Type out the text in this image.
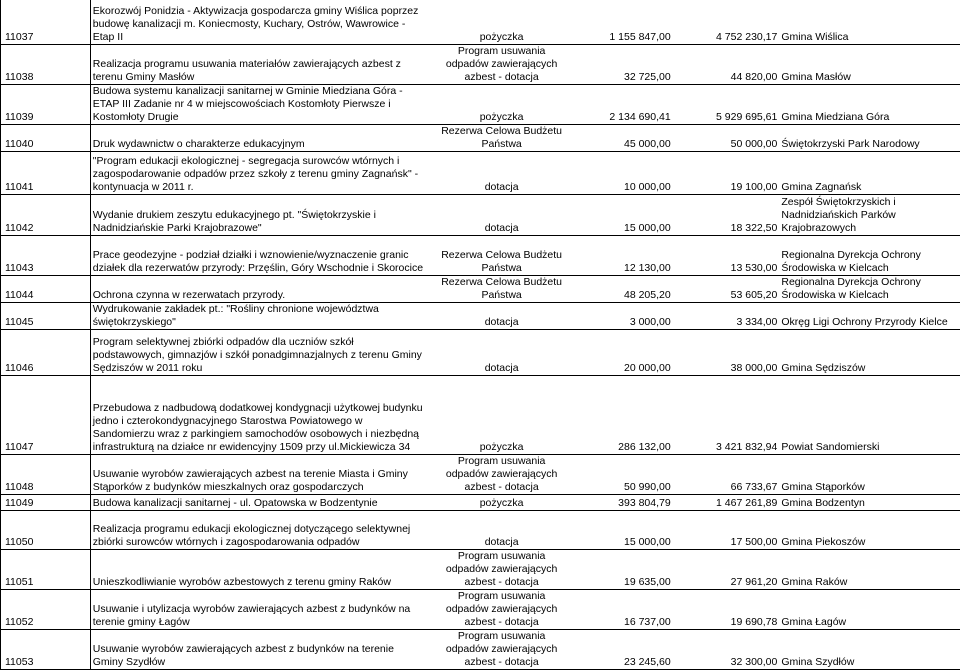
11037	Ekorozwój Ponidzia - Aktywizacja gospodarcza gminy Wiślica poprzez
budowę kanalizacji m. Koniecmosty, Kuchary, Ostrów, Wawrowice -
Etap II	pożyczka	1 155 847,00	4 752 230,17	Gmina Wiślica
11038	Realizacja programu usuwania materiałów zawierających azbest z
terenu Gminy Masłów	Program usuwania
odpadów zawierających
azbest - dotacja	32 725,00	44 820,00	Gmina Masłów
11039	Budowa systemu kanalizacji sanitarnej w Gminie Miedziana Góra -
ETAP III Zadanie nr 4 w miejscowościach Kostomłoty Pierwsze i
Kostomłoty Drugie	pożyczka	2 134 690,41	5 929 695,61	Gmina Miedziana Góra
11040	Druk wydawnictw o charakterze edukacyjnym	Rezerwa Celowa Budżetu
Państwa	45 000,00	50 000,00	Świętokrzyski Park Narodowy
11041	"Program edukacji ekologicznej - segregacja surowców wtórnych i
zagospodarowanie odpadów przez szkoły z terenu gminy Zagnańsk" -
kontynuacja w 2011 r.	dotacja	10 000,00	19 100,00	Gmina Zagnańsk
11042	Wydanie drukiem zeszytu edukacyjnego pt. "Świętokrzyskie i
Nadnidziańskie Parki Krajobrazowe"	dotacja	15 000,00	18 322,50	Zespół Świętokrzyskich i
Nadnidziańskich Parków
Krajobrazowych
11043	Prace geodezyjne - podział działki i wznowienie/wyznaczenie granic
działek dla rezerwatów przyrody: Przęślin, Góry Wschodnie i Skorocice	Rezerwa Celowa Budżetu
Państwa	12 130,00	13 530,00	Regionalna Dyrekcja Ochrony
Środowiska w Kielcach
11044	Ochrona czynna w rezerwatach przyrody.	Rezerwa Celowa Budżetu
Państwa	48 205,20	53 605,20	Regionalna Dyrekcja Ochrony
Środowiska w Kielcach
11045	Wydrukowanie zakładek pt.: "Rośliny chronione województwa
świętokrzyskiego"	dotacja	3 000,00	3 334,00	Okręg Ligi Ochrony Przyrody Kielce
11046	Program selektywnej zbiórki odpadów dla uczniów szkół
podstawowych, gimnazjów i szkół ponadgimnazjalnych z terenu Gminy
Sędziszów w 2011 roku	dotacja	20 000,00	38 000,00	Gmina Sędziszów
11047	Przebudowa z nadbudową dodatkowej kondygnacji użytkowej budynku
jedno i czterokondygnacyjnego Starostwa Powiatowego w
Sandomierzu wraz z parkingiem samochodów osobowych i niezbędną
infrastrukturą na działce nr ewidencyjny 1509 przy ul.Mickiewicza 34	pożyczka	286 132,00	3 421 832,94	Powiat Sandomierski
11048	Usuwanie wyrobów zawierających azbest na terenie Miasta i Gminy
Stąporków z budynków mieszkalnych oraz gospodarczych	Program usuwania
odpadów zawierających
azbest - dotacja	50 990,00	66 733,67	Gmina Stąporków
11049	Budowa kanalizacji sanitarnej - ul. Opatowska w Bodzentynie	pożyczka	393 804,79	1 467 261,89	Gmina Bodzentyn
11050	Realizacja programu edukacji ekologicznej dotyczącego selektywnej
zbiórki surowców wtórnych i zagospodarowania odpadów	dotacja	15 000,00	17 500,00	Gmina Piekoszów
11051	Unieszkodliwianie wyrobów azbestowych z terenu gminy Raków	Program usuwania
odpadów zawierających
azbest - dotacja	19 635,00	27 961,20	Gmina Raków
11052	Usuwanie i utylizacja wyrobów zawierających azbest z budynków na
terenie gminy Łagów	Program usuwania
odpadów zawierających
azbest - dotacja	16 737,00	19 690,78	Gmina Łagów
11053	Usuwanie wyrobów zawierających azbest z budynków na terenie
Gminy Szydłów	Program usuwania
odpadów zawierających
azbest - dotacja	23 245,60	32 300,00	Gmina Szydłów
